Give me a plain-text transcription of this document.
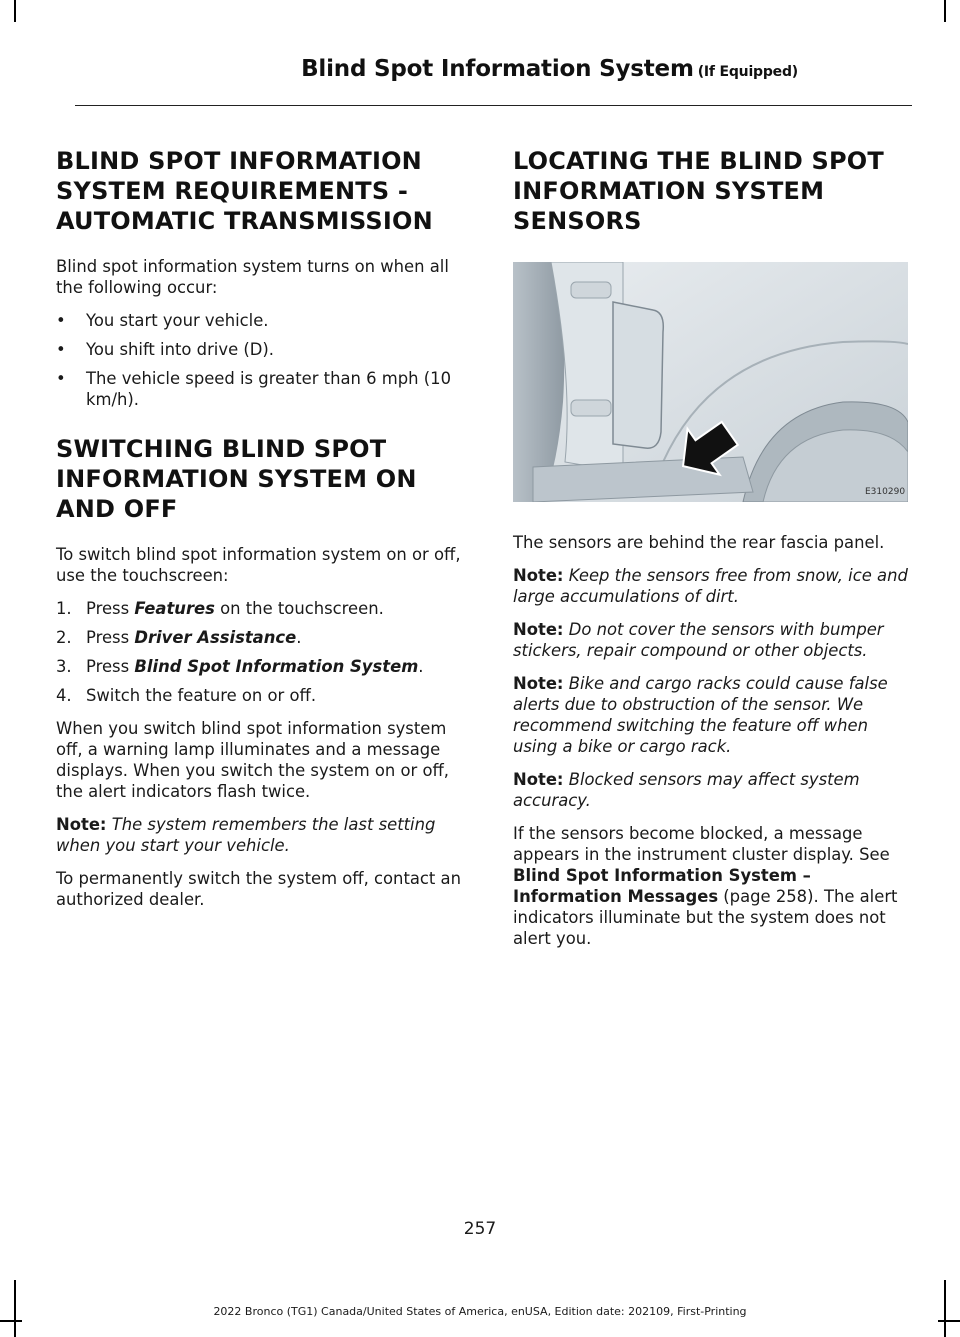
Blind Spot Information System (If Equipped)
BLIND SPOT INFORMATION
SYSTEM REQUIREMENTS -
AUTOMATIC TRANSMISSION

Blind spot information system turns on when all the following occur:

•	You start your vehicle.
•	You shift into drive (D).
•	The vehicle speed is greater than 6 mph (10 km/h).
SWITCHING BLIND SPOT
INFORMATION SYSTEM ON
AND OFF

To switch blind spot information system on or off, use the touchscreen:

1. Press Features on the touchscreen.
2. Press Driver Assistance.
3. Press Blind Spot Information System.
4. Switch the feature on or off.

When you switch blind spot information system off, a warning lamp illuminates and a message displays. When you switch the system on or off, the alert indicators flash twice.

Note: The system remembers the last setting when you start your vehicle.

To permanently switch the system off, contact an authorized dealer.

LOCATING THE BLIND SPOT
INFORMATION SYSTEM
SENSORS
E310290

The sensors are behind the rear fascia panel.

Note: Keep the sensors free from snow, ice and large accumulations of dirt.

Note: Do not cover the sensors with bumper stickers, repair compound or other objects.

Note: Bike and cargo racks could cause false alerts due to obstruction of the sensor. We recommend switching the feature off when using a bike or cargo rack.

Note: Blocked sensors may affect system accuracy.

If the sensors become blocked, a message appears in the instrument cluster display. See Blind Spot Information System – Information Messages (page 258). The alert indicators illuminate but the system does not alert you.

257
2022 Bronco (TG1) Canada/United States of America, enUSA, Edition date: 202109, First-Printing
